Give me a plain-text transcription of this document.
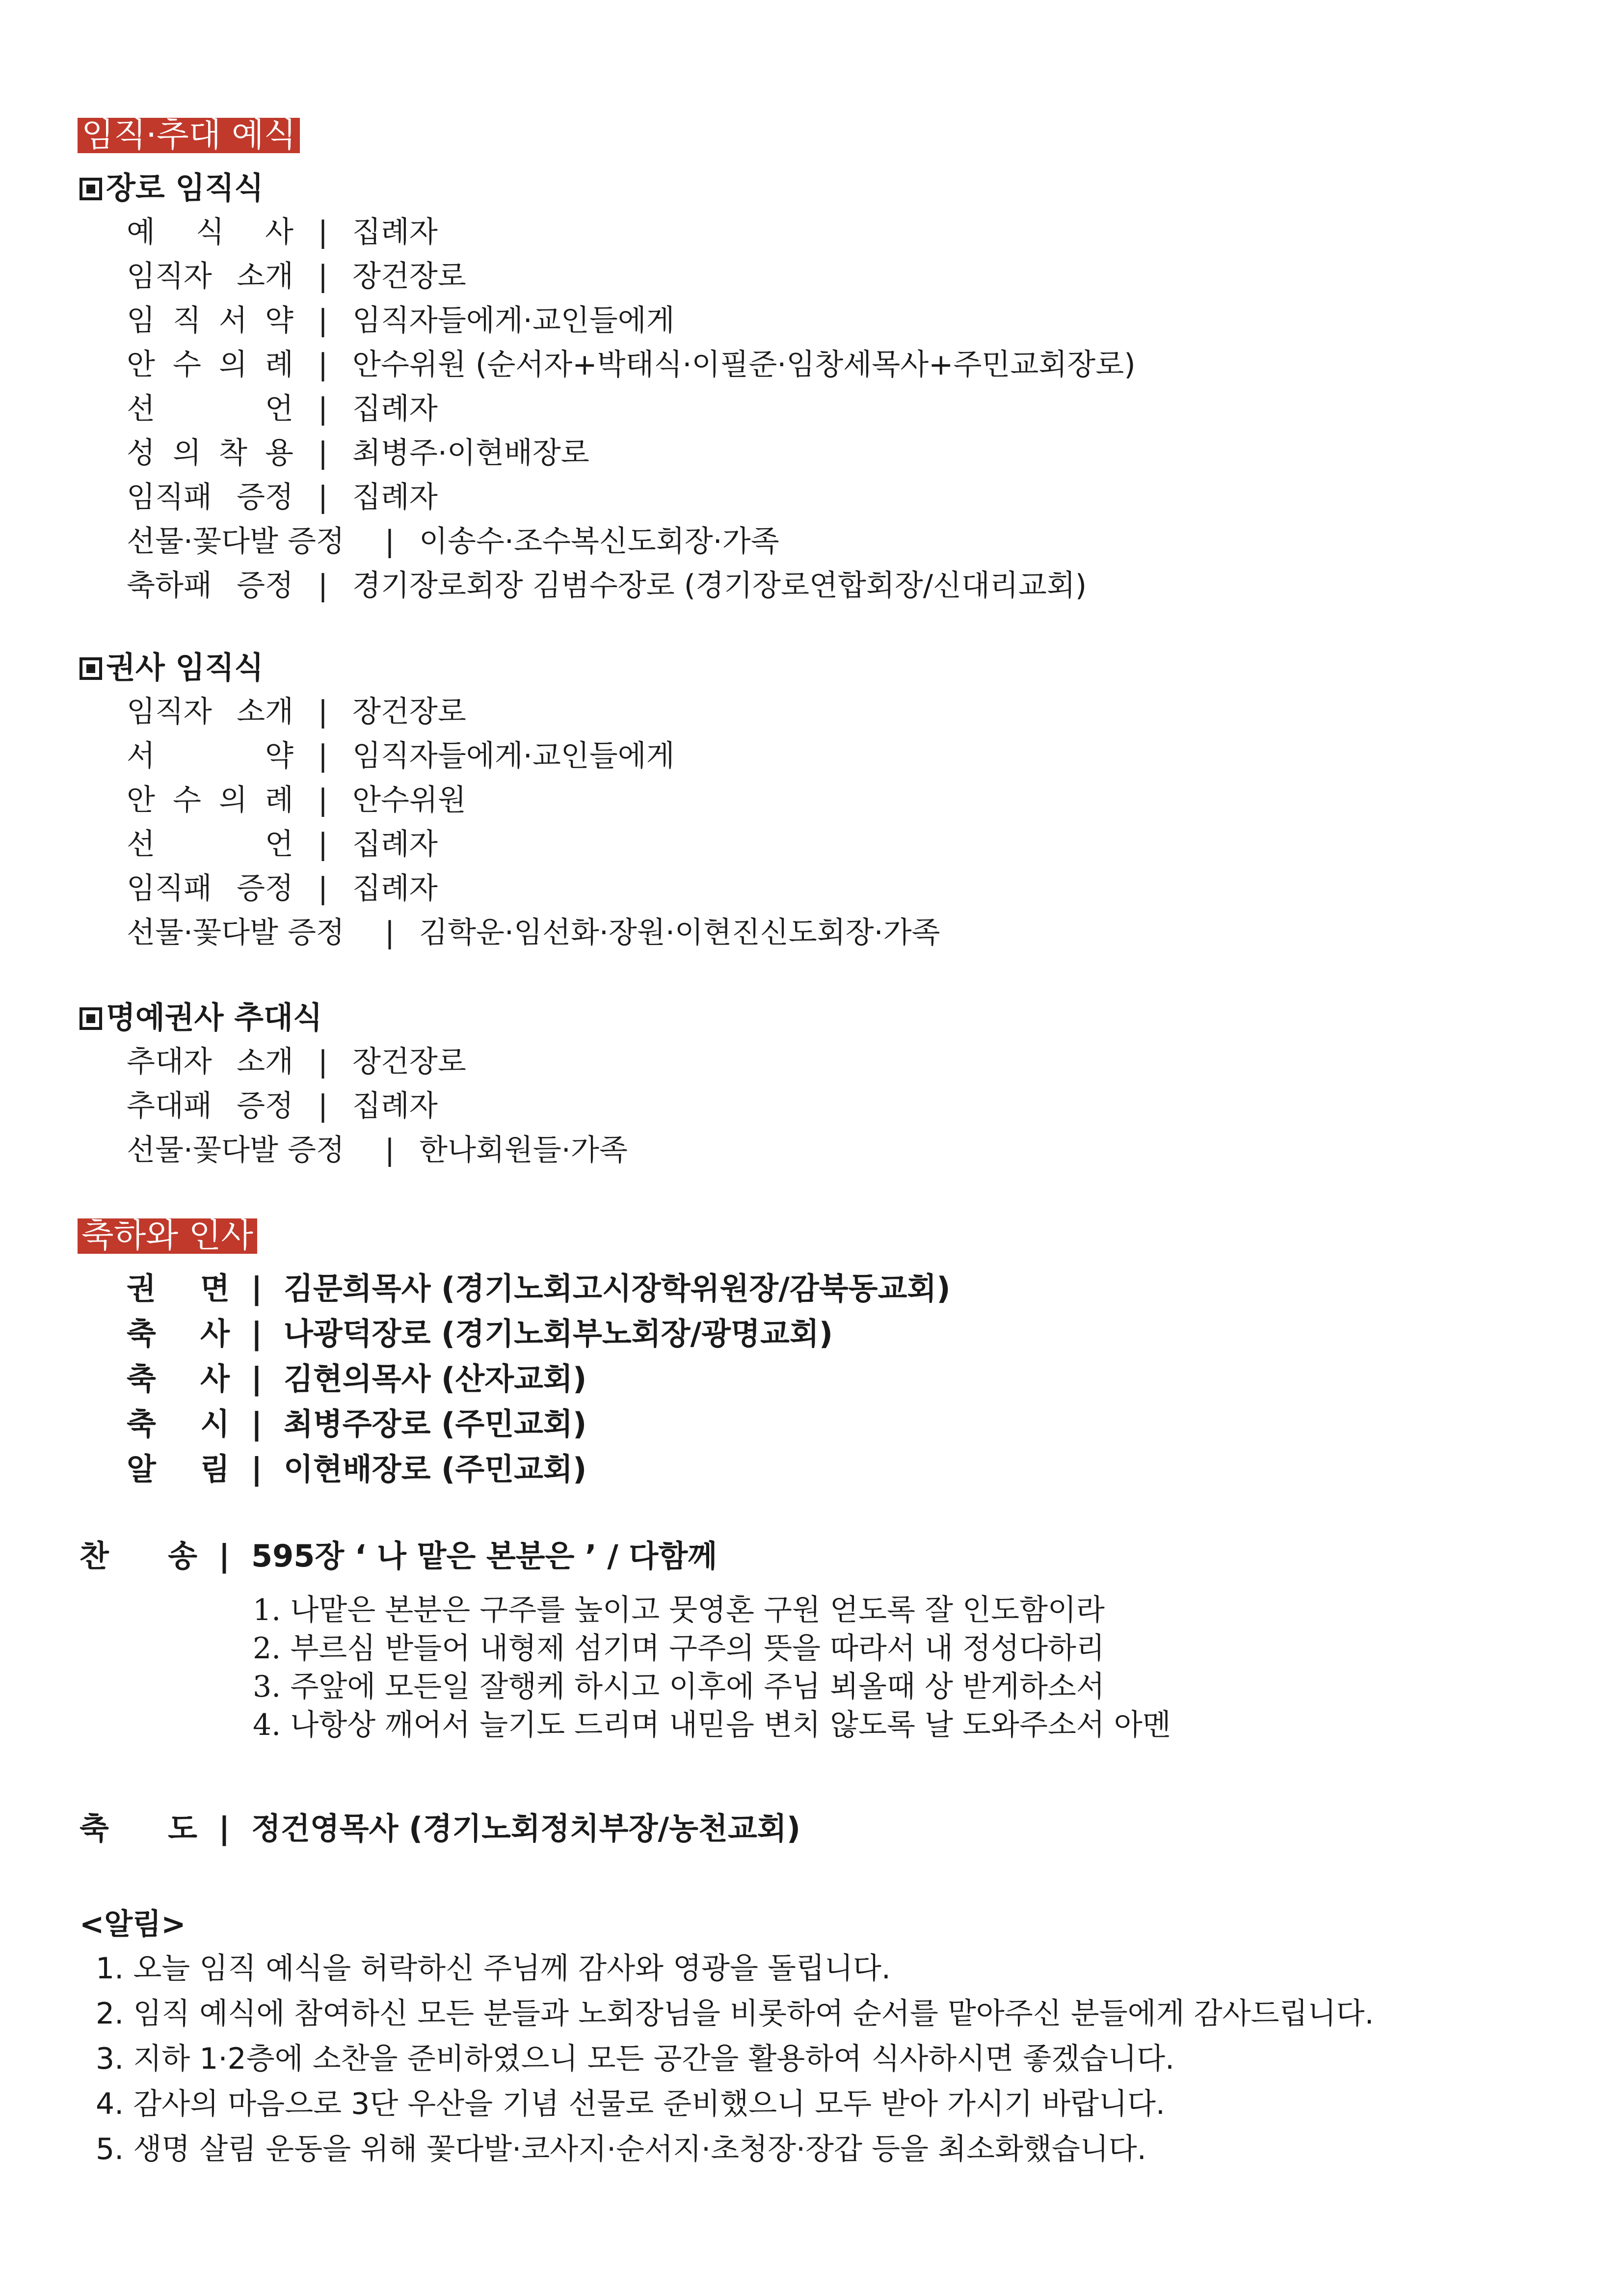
임직·추대 예식
장로 임직식
예 식 사 | 집례자
임직자 소개 | 장건장로
임 직 서 약 | 임직자들에게·교인들에게
안 수 의 례 | 안수위원 (순서자+박태식·이필준·임창세목사+주민교회장로)
선 언 | 집례자
성 의 착 용 | 최병주·이현배장로
임직패 증정 | 집례자
선물·꽃다발 증정 | 이송수·조수복신도회장·가족
축하패 증정 | 경기장로회장 김범수장로 (경기장로연합회장/신대리교회)
권사 임직식
임직자 소개 | 장건장로
서 약 | 임직자들에게·교인들에게
안 수 의 례 | 안수위원
선 언 | 집례자
임직패 증정 | 집례자
선물·꽃다발 증정 | 김학운·임선화·장원·이현진신도회장·가족
명예권사 추대식
추대자 소개 | 장건장로
추대패 증정 | 집례자
선물·꽃다발 증정 | 한나회원들·가족
축하와 인사
권 면 | 김문희목사 (경기노회고시장학위원장/감북동교회)
축 사 | 나광덕장로 (경기노회부노회장/광명교회)
축 사 | 김현의목사 (산자교회)
축 시 | 최병주장로 (주민교회)
알 림 | 이현배장로 (주민교회)
찬 송 | 595장 ‘ 나 맡은 본분은 ’ / 다함께
1. 나맡은 본분은 구주를 높이고 뭇영혼 구원 얻도록 잘 인도함이라
2. 부르심 받들어 내형제 섬기며 구주의 뜻을 따라서 내 정성다하리
3. 주앞에 모든일 잘행케 하시고 이후에 주님 뵈올때 상 받게하소서
4. 나항상 깨어서 늘기도 드리며 내믿음 변치 않도록 날 도와주소서 아멘
축 도 | 정건영목사 (경기노회정치부장/농천교회)
<알림>
1. 오늘 임직 예식을 허락하신 주님께 감사와 영광을 돌립니다.
2. 임직 예식에 참여하신 모든 분들과 노회장님을 비롯하여 순서를 맡아주신 분들에게 감사드립니다.
3. 지하 1·2층에 소찬을 준비하였으니 모든 공간을 활용하여 식사하시면 좋겠습니다.
4. 감사의 마음으로 3단 우산을 기념 선물로 준비했으니 모두 받아 가시기 바랍니다.
5. 생명 살림 운동을 위해 꽃다발·코사지·순서지·초청장·장갑 등을 최소화했습니다.
